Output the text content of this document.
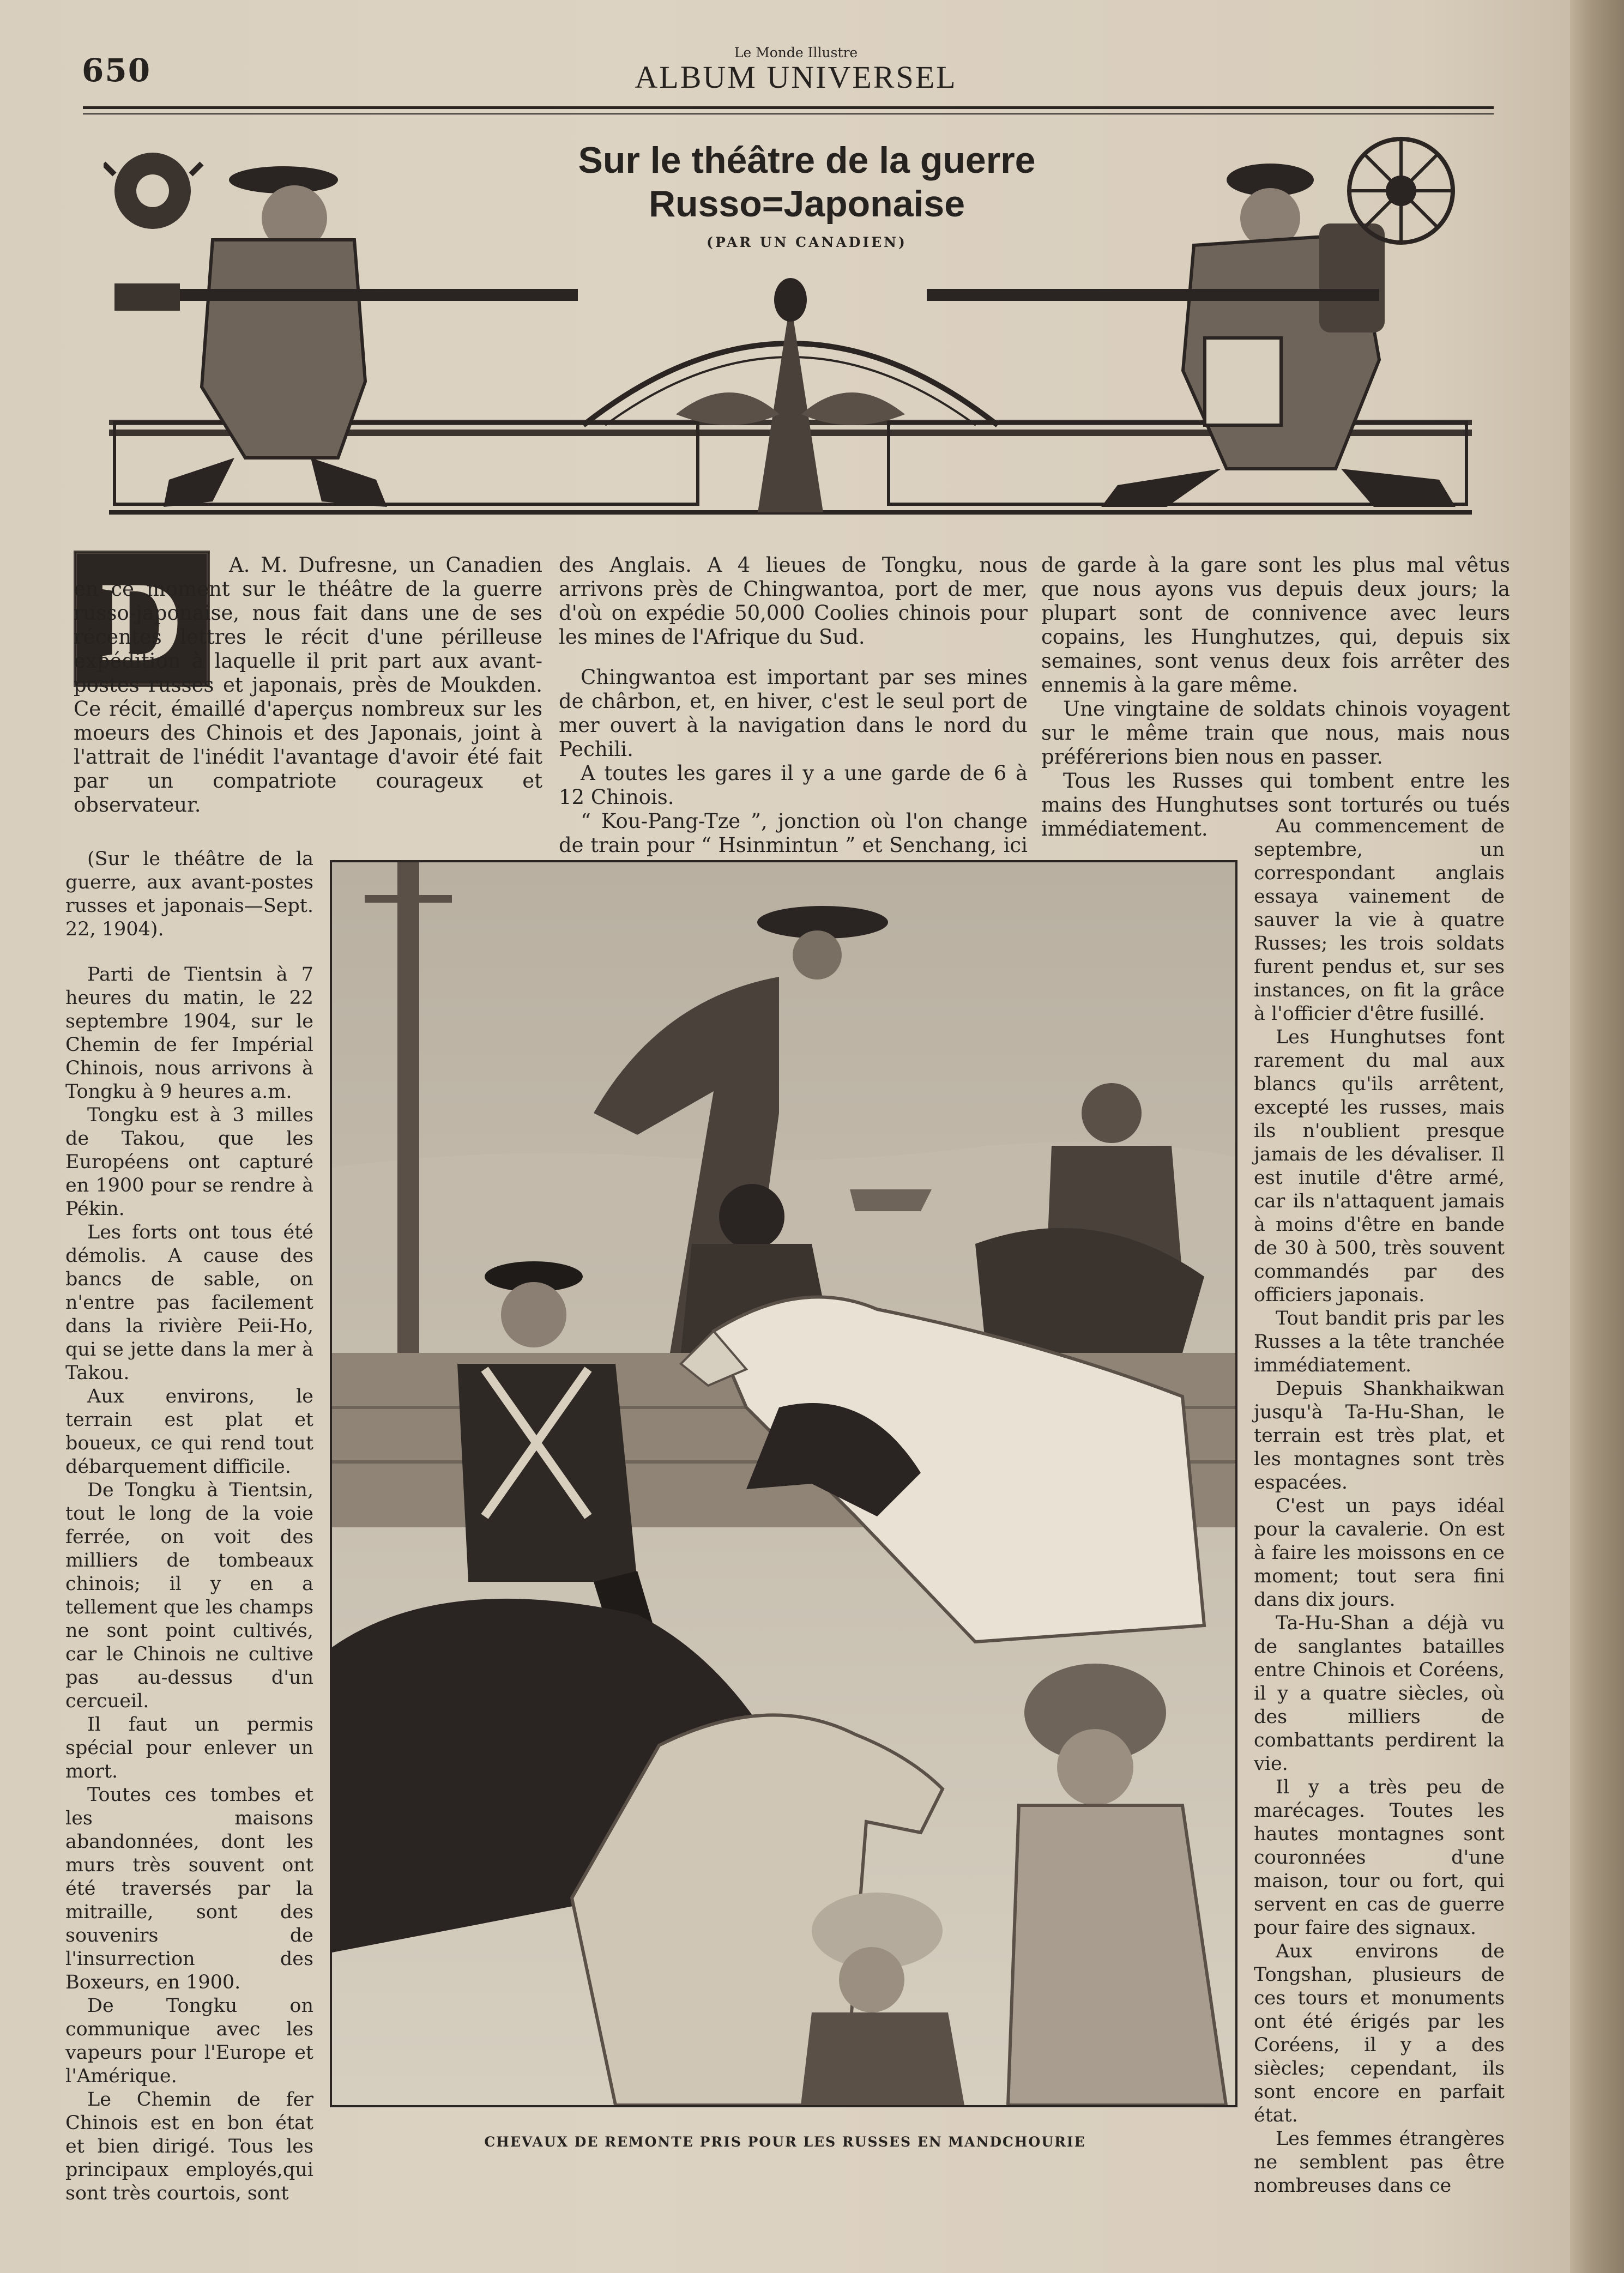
650	Le Monde Illustre
ALBUM UNIVERSEL
Sur le théâtre de la guerre
Russo=Japonaise
(PAR UN CANADIEN)
D	A. M. Dufresne, un Canadien en ce moment sur le théâtre de la guerre russo-japonaise, nous fait dans une de ses récentes lettres le récit d'une périlleuse expédition à laquelle il prit part aux avant-postes russes et japonais, près de Moukden. Ce récit, émaillé d'aperçus nombreux sur les moeurs des Chinois et des Japonais, joint à l'attrait de l'inédit l'avantage d'avoir été fait par un compatriote courageux et observateur.

des Anglais. A 4 lieues de Tongku, nous arrivons près de Chingwantoa, port de mer, d'où on expédie 50,000 Coolies chinois pour les mines de l'Afrique du Sud.

Chingwantoa est important par ses mines de chârbon, et, en hiver, c'est le seul port de mer ouvert à la navigation dans le nord du Pechili.

A toutes les gares il y a une garde de 6 à 12 Chinois.

“ Kou-Pang-Tze ”, jonction où l'on change de train pour “ Hsinmintun ” et Senchang, ici

de garde à la gare sont les plus mal vêtus que nous ayons vus depuis deux jours; la plupart sont de connivence avec leurs copains, les Hunghutzes, qui, depuis six semaines, sont venus deux fois arrêter des ennemis à la gare même.

Une vingtaine de soldats chinois voyagent sur le même train que nous, mais nous préférerions bien nous en passer.

Tous les Russes qui tombent entre les mains des Hunghutses sont torturés ou tués immédiatement.

(Sur le théâtre de la guerre, aux avant-postes russes et japonais—Sept. 22, 1904).

Parti de Tientsin à 7 heures du matin, le 22 septembre 1904, sur le Chemin de fer Impérial Chinois, nous arrivons à Tongku à 9 heures a.m.

Tongku est à 3 milles de Takou, que les Européens ont capturé en 1900 pour se rendre à Pékin.

Les forts ont tous été démolis. A cause des bancs de sable, on n'entre pas facilement dans la rivière Peii-Ho, qui se jette dans la mer à Takou.

Aux environs, le terrain est plat et boueux, ce qui rend tout débarquement difficile.

De Tongku à Tientsin, tout le long de la voie ferrée, on voit des milliers de tombeaux chinois; il y en a tellement que les champs ne sont point cultivés, car le Chinois ne cultive pas au-dessus d'un cercueil.

Il faut un permis spécial pour enlever un mort.

Toutes ces tombes et les maisons abandonnées, dont les murs très souvent ont été traversés par la mitraille, sont des souvenirs de l'insurrection des Boxeurs, en 1900.

De Tongku on communique avec les vapeurs pour l'Europe et l'Amérique.

Le Chemin de fer Chinois est en bon état et bien dirigé. Tous les principaux employés,qui sont très courtois, sont

Au commencement de septembre, un correspondant anglais essaya vainement de sauver la vie à quatre Russes; les trois soldats furent pendus et, sur ses instances, on fit la grâce à l'officier d'être fusillé.

Les Hunghutses font rarement du mal aux blancs qu'ils arrêtent, excepté les russes, mais ils n'oublient presque jamais de les dévaliser. Il est inutile d'être armé, car ils n'attaquent jamais à moins d'être en bande de 30 à 500, très souvent commandés par des officiers japonais.

Tout bandit pris par les Russes a la tête tranchée immédiatement.

Depuis Shankhaikwan jusqu'à Ta-Hu-Shan, le terrain est très plat, et les montagnes sont très espacées.

C'est un pays idéal pour la cavalerie. On est à faire les moissons en ce moment; tout sera fini dans dix jours.

Ta-Hu-Shan a déjà vu de sanglantes batailles entre Chinois et Coréens, il y a quatre siècles, où des milliers de combattants perdirent la vie.

Il y a très peu de marécages. Toutes les hautes montagnes sont couronnées d'une maison, tour ou fort, qui servent en cas de guerre pour faire des signaux.

Aux environs de Tongshan, plusieurs de ces tours et monuments ont été érigés par les Coréens, il y a des siècles; cependant, ils sont encore en parfait état.

Les femmes étrangères ne semblent pas être nombreuses dans ce

CHEVAUX DE REMONTE PRIS POUR LES RUSSES EN MANDCHOURIE
